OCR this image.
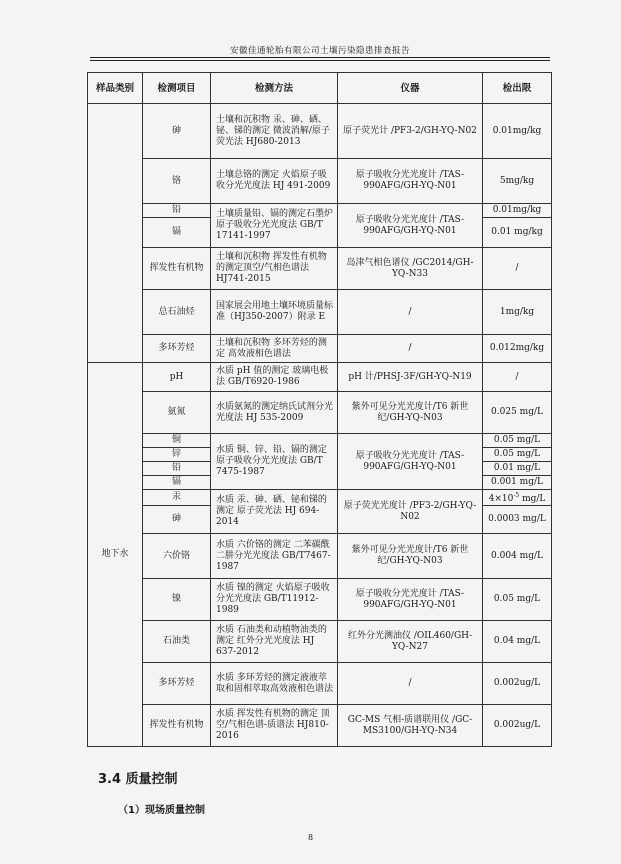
安徽佳通轮胎有限公司土壤污染隐患排查报告
样品类别	检测项目	检测方法	仪器	检出限
	砷	土壤和沉积物 汞、砷、硒、铋、锑的测定 微波消解/原子荧光法 HJ680-2013	原子荧光计 /PF3-2/GH-YQ-N02	0.01mg/kg
	铬	土壤总铬的测定 火焰原子吸收分光光度法 HJ 491-2009	原子吸收分光光度计 /TAS-990AFG/GH-YQ-N01	5mg/kg
	铅	土壤质量铅、镉的测定石墨炉原子吸收分光光度法 GB/T 17141-1997	原子吸收分光光度计 /TAS-990AFG/GH-YQ-N01	0.01mg/kg
	镉			0.01 mg/kg
	挥发性有机物	土壤和沉积物 挥发性有机物的测定顶空/气相色谱法 HJ741-2015	岛津气相色谱仪 /GC2014/GH-YQ-N33	/
	总石油烃	国家展会用地土壤环境质量标准（HJ350-2007）附录 E	/	1mg/kg
	多环芳烃	土壤和沉积物 多环芳烃的测定 高效液相色谱法	/	0.012mg/kg
地下水	pH	水质 pH 值的测定 玻璃电极法 GB/T6920-1986	pH 计/PHSJ-3F/GH-YQ-N19	/
	氨氮	水质氨氮的测定纳氏试剂分光光度法 HJ 535-2009	紫外可见分光光度计/T6 新世纪/GH-YQ-N03	0.025 mg/L
	铜	水质 铜、锌、铅、镉的测定 原子吸收分光光度法 GB/T 7475-1987	原子吸收分光光度计 /TAS-990AFG/GH-YQ-N01	0.05 mg/L
	锌			0.05 mg/L
	铅			0.01 mg/L
	镉			0.001 mg/L
	汞	水质 汞、砷、硒、铋和锑的测定 原子荧光法 HJ 694-2014	原子荧光光度计 /PF3-2/GH-YQ-N02	$4\times 10^{-5}$ mg/L
	砷			0.0003 mg/L
	六价铬	水质 六价铬的测定 二苯碳酰二肼分光光度法 GB/T7467-1987	紫外可见分光光度计/T6 新世纪/GH-YQ-N03	0.004 mg/L
	镍	水质 镍的测定 火焰原子吸收分光光度法 GB/T11912-1989	原子吸收分光光度计 /TAS-990AFG/GH-YQ-N01	0.05 mg/L
	石油类	水质 石油类和动植物油类的测定 红外分光光度法 HJ 637-2012	红外分光测油仪 /OIL460/GH-YQ-N27	0.04 mg/L
	多环芳烃	水质 多环芳烃的测定液液萃取和固相萃取高效液相色谱法	/	0.002ug/L
	挥发性有机物	水质 挥发性有机物的测定 顶空/气相色谱-质谱法 HJ810-2016	GC-MS 气相-质谱联用仪 /GC-MS3100/GH-YQ-N34	0.002ug/L
3.4 质量控制
（1）现场质量控制
8
